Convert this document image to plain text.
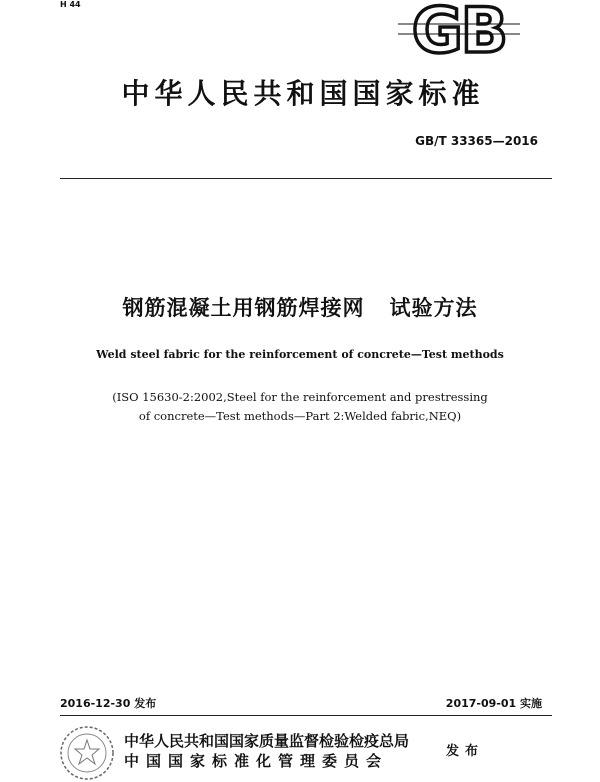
H 44	GB
中华人民共和国国家标准
GB/T 33365—2016
钢筋混凝土用钢筋焊接网   试验方法
Weld steel fabric for the reinforcement of concrete—Test methods
(ISO 15630-2:2002,Steel for the reinforcement and prestressing
of concrete—Test methods—Part 2:Welded fabric,NEQ)
2016-12-30 发布	2017-09-01 实施
中华人民共和国国家质量监督检验检疫总局
中国国家标准化管理委员会
发布
